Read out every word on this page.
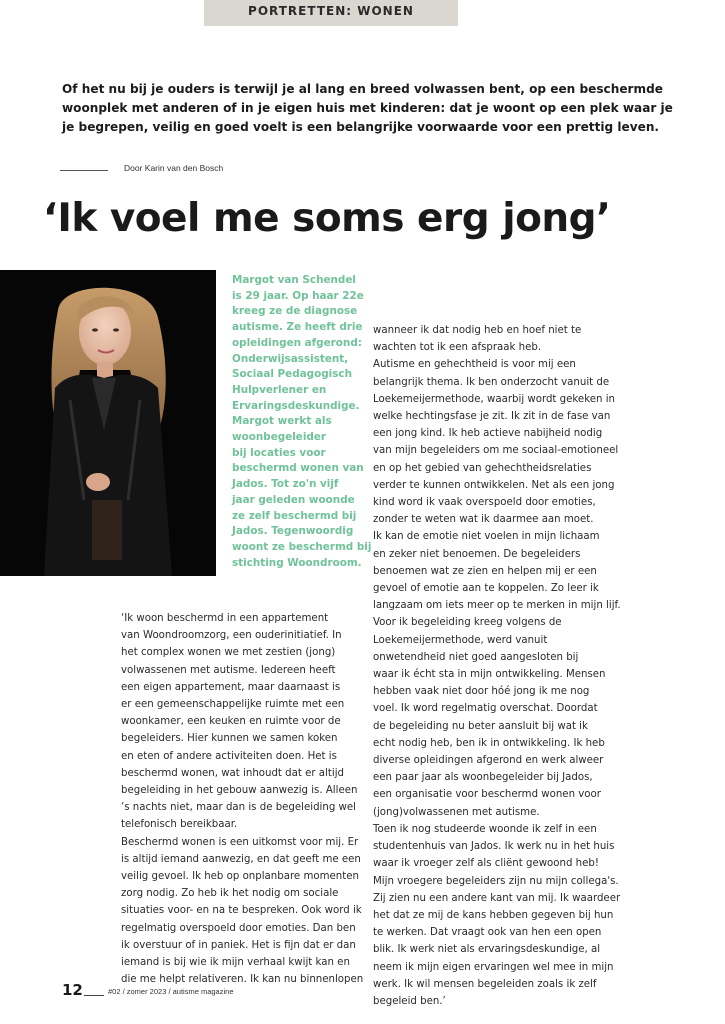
PORTRETTEN: WONEN
Of het nu bij je ouders is terwijl je al lang en breed volwassen bent, op een beschermde woonplek met anderen of in je eigen huis met kinderen: dat je woont op een plek waar je je begrepen, veilig en goed voelt is een belangrijke voorwaarde voor een prettig leven.
Door Karin van den Bosch
‘Ik voel me soms erg jong’
Margot van Schendel
is 29 jaar. Op haar 22e
kreeg ze de diagnose
autisme. Ze heeft drie
opleidingen afgerond:
Onderwijsassistent,
Sociaal Pedagogisch
Hulpverlener en
Ervaringsdeskundige.
Margot werkt als
woonbegeleider
bij locaties voor
beschermd wonen van
Jados. Tot zo'n vijf
jaar geleden woonde
ze zelf beschermd bij
Jados. Tegenwoordig
woont ze beschermd bij
stichting Woondroom.
‘Ik woon beschermd in een appartement
van Woondroomzorg, een ouderinitiatief. In
het complex wonen we met zestien (jong)
volwassenen met autisme. Iedereen heeft
een eigen appartement, maar daarnaast is
er een gemeenschappelijke ruimte met een
woonkamer, een keuken en ruimte voor de
begeleiders. Hier kunnen we samen koken
en eten of andere activiteiten doen. Het is
beschermd wonen, wat inhoudt dat er altijd
begeleiding in het gebouw aanwezig is. Alleen
’s nachts niet, maar dan is de begeleiding wel
telefonisch bereikbaar.
Beschermd wonen is een uitkomst voor mij. Er
is altijd iemand aanwezig, en dat geeft me een
veilig gevoel. Ik heb op onplanbare momenten
zorg nodig. Zo heb ik het nodig om sociale
situaties voor- en na te bespreken. Ook word ik
regelmatig overspoeld door emoties. Dan ben
ik overstuur of in paniek. Het is fijn dat er dan
iemand is bij wie ik mijn verhaal kwijt kan en
die me helpt relativeren. Ik kan nu binnenlopen
wanneer ik dat nodig heb en hoef niet te
wachten tot ik een afspraak heb.
Autisme en gehechtheid is voor mij een
belangrijk thema. Ik ben onderzocht vanuit de
Loekemeijermethode, waarbij wordt gekeken in
welke hechtingsfase je zit. Ik zit in de fase van
een jong kind. Ik heb actieve nabijheid nodig
van mijn begeleiders om me sociaal-emotioneel
en op het gebied van gehechtheidsrelaties
verder te kunnen ontwikkelen. Net als een jong
kind word ik vaak overspoeld door emoties,
zonder te weten wat ik daarmee aan moet.
Ik kan de emotie niet voelen in mijn lichaam
en zeker niet benoemen. De begeleiders
benoemen wat ze zien en helpen mij er een
gevoel of emotie aan te koppelen. Zo leer ik
langzaam om iets meer op te merken in mijn lijf.
Voor ik begeleiding kreeg volgens de
Loekemeijermethode, werd vanuit
onwetendheid niet goed aangesloten bij
waar ik écht sta in mijn ontwikkeling. Mensen
hebben vaak niet door hóé jong ik me nog
voel. Ik word regelmatig overschat. Doordat
de begeleiding nu beter aansluit bij wat ik
echt nodig heb, ben ik in ontwikkeling. Ik heb
diverse opleidingen afgerond en werk alweer
een paar jaar als woonbegeleider bij Jados,
een organisatie voor beschermd wonen voor
(jong)volwassenen met autisme.
Toen ik nog studeerde woonde ik zelf in een
studentenhuis van Jados. Ik werk nu in het huis
waar ik vroeger zelf als cliënt gewoond heb!
Mijn vroegere begeleiders zijn nu mijn collega's.
Zij zien nu een andere kant van mij. Ik waardeer
het dat ze mij de kans hebben gegeven bij hun
te werken. Dat vraagt ook van hen een open
blik. Ik werk niet als ervaringsdeskundige, al
neem ik mijn eigen ervaringen wel mee in mijn
werk. Ik wil mensen begeleiden zoals ik zelf
begeleid ben.’
12	#02 / zomer 2023 / autisme magazine
